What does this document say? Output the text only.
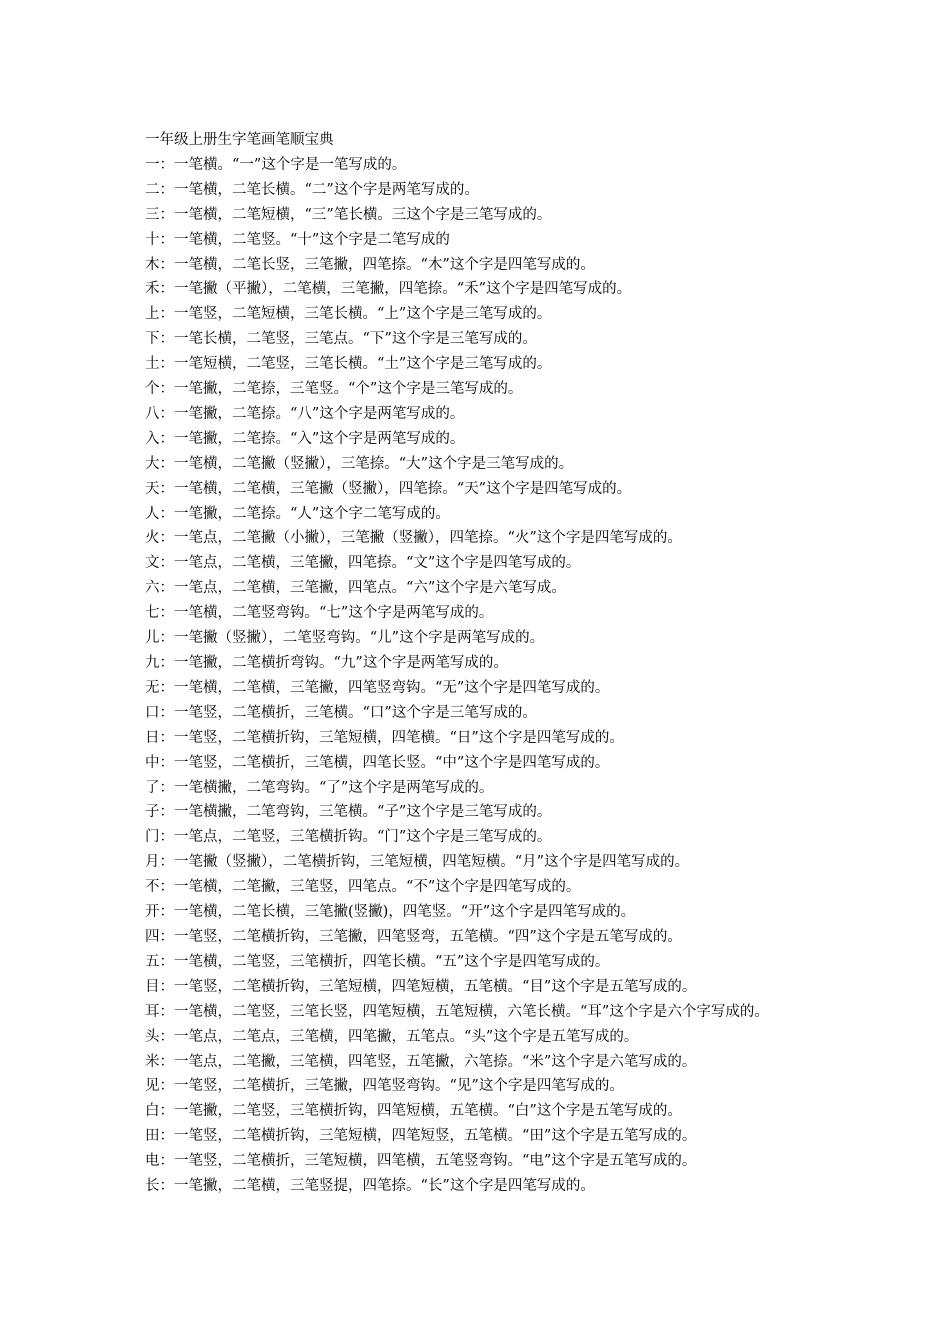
一年级上册生字笔画笔顺宝典
一：一笔横。“一”这个字是一笔写成的。
二：一笔横，二笔长横。“二”这个字是两笔写成的。
三：一笔横，二笔短横，“三”笔长横。三这个字是三笔写成的。
十：一笔横，二笔竖。“十”这个字是二笔写成的
木：一笔横，二笔长竖，三笔撇，四笔捺。“木”这个字是四笔写成的。
禾：一笔撇（平撇），二笔横，三笔撇，四笔捺。“禾”这个字是四笔写成的。
上：一笔竖，二笔短横，三笔长横。“上”这个字是三笔写成的。
下：一笔长横，二笔竖，三笔点。“下”这个字是三笔写成的。
土：一笔短横，二笔竖，三笔长横。“土”这个字是三笔写成的。
个：一笔撇，二笔捺，三笔竖。“个”这个字是三笔写成的。
八：一笔撇，二笔捺。“八”这个字是两笔写成的。
入：一笔撇，二笔捺。“入”这个字是两笔写成的。
大：一笔横，二笔撇（竖撇），三笔捺。“大”这个字是三笔写成的。
天：一笔横，二笔横，三笔撇（竖撇），四笔捺。“天”这个字是四笔写成的。
人：一笔撇，二笔捺。“人”这个字二笔写成的。
火：一笔点，二笔撇（小撇），三笔撇（竖撇），四笔捺。“火”这个字是四笔写成的。
文：一笔点，二笔横，三笔撇，四笔捺。“文”这个字是四笔写成的。
六：一笔点，二笔横，三笔撇，四笔点。“六”这个字是六笔写成。
七：一笔横，二笔竖弯钩。“七”这个字是两笔写成的。
儿：一笔撇（竖撇），二笔竖弯钩。“儿”这个字是两笔写成的。
九：一笔撇，二笔横折弯钩。“九”这个字是两笔写成的。
无：一笔横，二笔横，三笔撇，四笔竖弯钩。“无”这个字是四笔写成的。
口：一笔竖，二笔横折，三笔横。“口”这个字是三笔写成的。
日：一笔竖，二笔横折钩，三笔短横，四笔横。“日”这个字是四笔写成的。
中：一笔竖，二笔横折，三笔横，四笔长竖。“中”这个字是四笔写成的。
了：一笔横撇，二笔弯钩。“了”这个字是两笔写成的。
子：一笔横撇，二笔弯钩，三笔横。“子”这个字是三笔写成的。
门：一笔点，二笔竖，三笔横折钩。“门”这个字是三笔写成的。
月：一笔撇（竖撇），二笔横折钩，三笔短横，四笔短横。“月”这个字是四笔写成的。
不：一笔横，二笔撇，三笔竖，四笔点。“不”这个字是四笔写成的。
开：一笔横，二笔长横，三笔撇(竖撇)，四笔竖。“开”这个字是四笔写成的。
四：一笔竖，二笔横折钩，三笔撇，四笔竖弯，五笔横。“四”这个字是五笔写成的。
五：一笔横，二笔竖，三笔横折，四笔长横。“五”这个字是四笔写成的。
目：一笔竖，二笔横折钩，三笔短横，四笔短横，五笔横。“目”这个字是五笔写成的。
耳：一笔横，二笔竖，三笔长竖，四笔短横，五笔短横，六笔长横。“耳”这个字是六个字写成的。
头：一笔点，二笔点，三笔横，四笔撇，五笔点。“头”这个字是五笔写成的。
米：一笔点，二笔撇，三笔横，四笔竖，五笔撇，六笔捺。“米”这个字是六笔写成的。
见：一笔竖，二笔横折，三笔撇，四笔竖弯钩。“见”这个字是四笔写成的。
白：一笔撇，二笔竖，三笔横折钩，四笔短横，五笔横。“白”这个字是五笔写成的。
田：一笔竖，二笔横折钩，三笔短横，四笔短竖，五笔横。“田”这个字是五笔写成的。
电：一笔竖，二笔横折，三笔短横，四笔横，五笔竖弯钩。“电”这个字是五笔写成的。
长：一笔撇，二笔横，三笔竖提，四笔捺。“长”这个字是四笔写成的。
